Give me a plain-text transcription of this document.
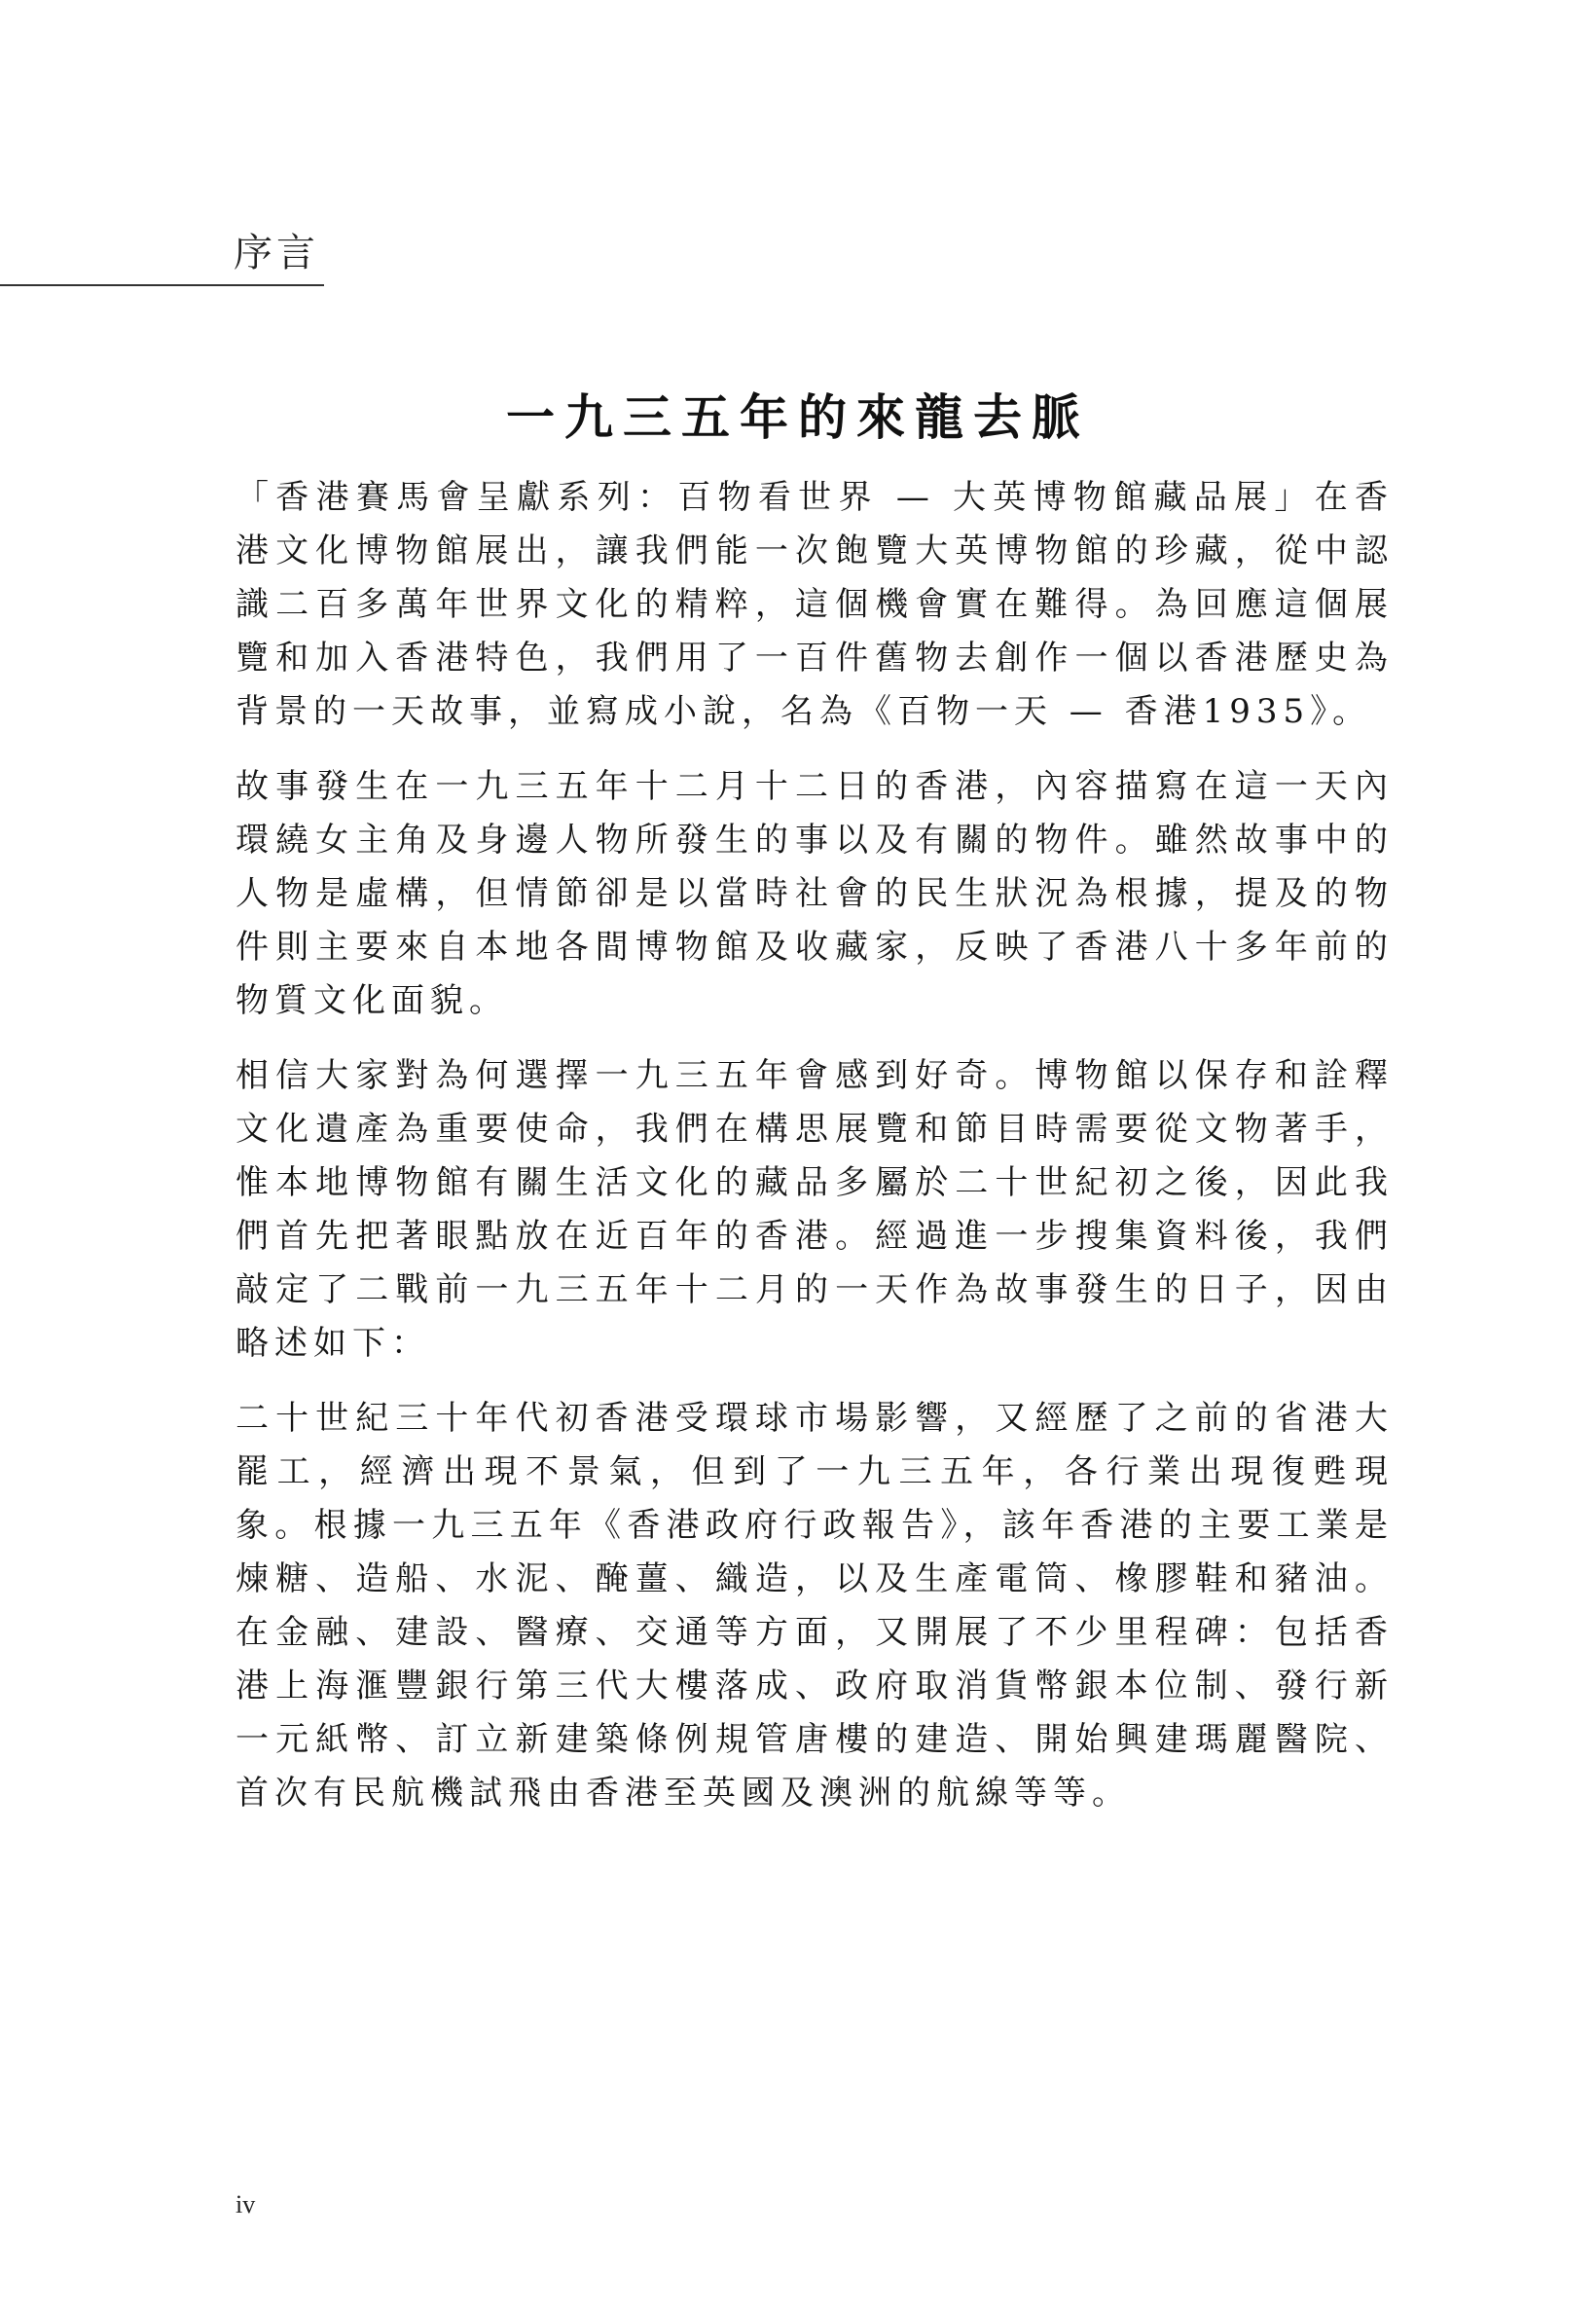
序言
一九三五年的來龍去脈

「香港賽馬會呈獻系列：百物看世界 — 大英博物館藏品展」在香港文化博物館展出，讓我們能一次飽覽大英博物館的珍藏，從中認識二百多萬年世界文化的精粹，這個機會實在難得。為回應這個展覽和加入香港特色，我們用了一百件舊物去創作一個以香港歷史為背景的一天故事，並寫成小說，名為《百物一天 — 香港1935》。

故事發生在一九三五年十二月十二日的香港，內容描寫在這一天內環繞女主角及身邊人物所發生的事以及有關的物件。雖然故事中的人物是虛構，但情節卻是以當時社會的民生狀況為根據，提及的物件則主要來自本地各間博物館及收藏家，反映了香港八十多年前的物質文化面貌。

相信大家對為何選擇一九三五年會感到好奇。博物館以保存和詮釋文化遺產為重要使命，我們在構思展覽和節目時需要從文物著手，惟本地博物館有關生活文化的藏品多屬於二十世紀初之後，因此我們首先把著眼點放在近百年的香港。經過進一步搜集資料後，我們敲定了二戰前一九三五年十二月的一天作為故事發生的日子，因由略述如下：

二十世紀三十年代初香港受環球市場影響，又經歷了之前的省港大罷工，經濟出現不景氣，但到了一九三五年，各行業出現復甦現象。根據一九三五年《香港政府行政報告》，該年香港的主要工業是煉糖、造船、水泥、醃薑、織造，以及生產電筒、橡膠鞋和豬油。在金融、建設、醫療、交通等方面，又開展了不少里程碑：包括香港上海滙豐銀行第三代大樓落成、政府取消貨幣銀本位制、發行新一元紙幣、訂立新建築條例規管唐樓的建造、開始興建瑪麗醫院、首次有民航機試飛由香港至英國及澳洲的航線等等。

iv
